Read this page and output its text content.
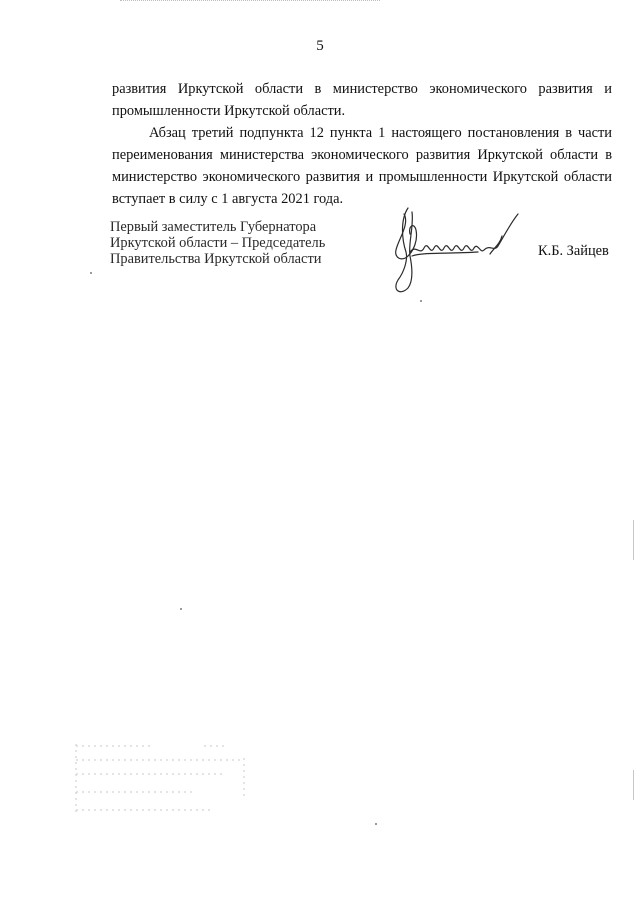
5

развития Иркутской области в министерство экономического развития и промышленности Иркутской области.

Абзац третий подпункта 12 пункта 1 настоящего постановления в части переименования министерства экономического развития Иркутской области в министерство экономического развития и промышленности Иркутской области вступает в силу с 1 августа 2021 года.

Первый заместитель Губернатора
Иркутской области – Председатель
Правительства Иркутской области	К.Б. Зайцев
